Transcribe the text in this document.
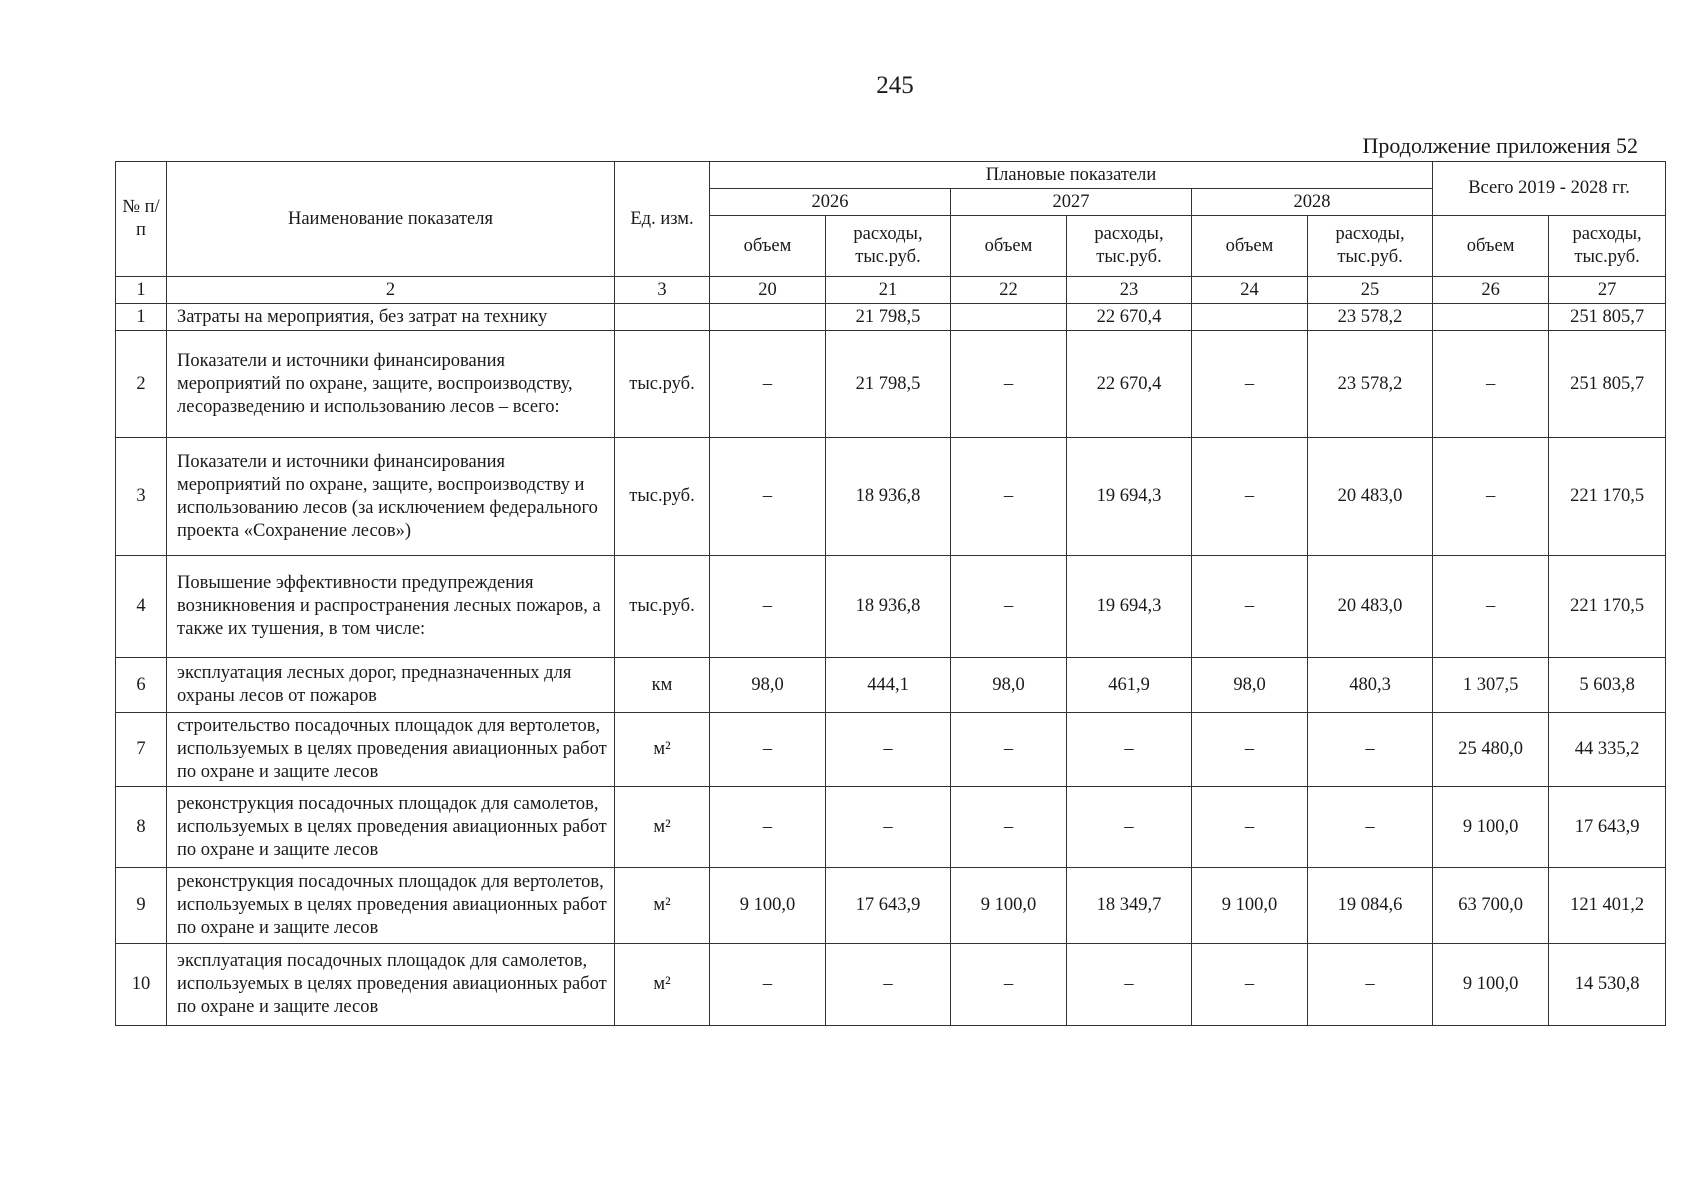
245
Продолжение приложения 52
№ п/п	Наименование показателя	Ед. изм.	Плановые показатели						Всего 2019 - 2028 гг.	
			2026		2027		2028			
			объем	расходы, тыс.руб.	объем	расходы, тыс.руб.	объем	расходы, тыс.руб.	объем	расходы, тыс.руб.
1	2	3	20	21	22	23	24	25	26	27
1	Затраты на мероприятия, без затрат на технику			21 798,5		22 670,4		23 578,2		251 805,7
2	Показатели и источники финансирования мероприятий по охране, защите, воспроизводству, лесоразведению и использованию лесов – всего:	тыс.руб.	–	21 798,5	–	22 670,4	–	23 578,2	–	251 805,7
3	Показатели и источники финансирования мероприятий по охране, защите, воспроизводству и использованию лесов (за исключением федерального проекта «Сохранение лесов»)	тыс.руб.	–	18 936,8	–	19 694,3	–	20 483,0	–	221 170,5
4	Повышение эффективности предупреждения возникновения и распространения лесных пожаров, а также их тушения, в том числе:	тыс.руб.	–	18 936,8	–	19 694,3	–	20 483,0	–	221 170,5
6	эксплуатация лесных дорог, предназначенных для охраны лесов от пожаров	км	98,0	444,1	98,0	461,9	98,0	480,3	1 307,5	5 603,8
7	строительство посадочных площадок для вертолетов, используемых в целях проведения авиационных работ по охране и защите лесов	м²	–	–	–	–	–	–	25 480,0	44 335,2
8	реконструкция посадочных площадок для самолетов, используемых в целях проведения авиационных работ по охране и защите лесов	м²	–	–	–	–	–	–	9 100,0	17 643,9
9	реконструкция посадочных площадок для вертолетов, используемых в целях проведения авиационных работ по охране и защите лесов	м²	9 100,0	17 643,9	9 100,0	18 349,7	9 100,0	19 084,6	63 700,0	121 401,2
10	эксплуатация посадочных площадок для самолетов, используемых в целях проведения авиационных работ по охране и защите лесов	м²	–	–	–	–	–	–	9 100,0	14 530,8
